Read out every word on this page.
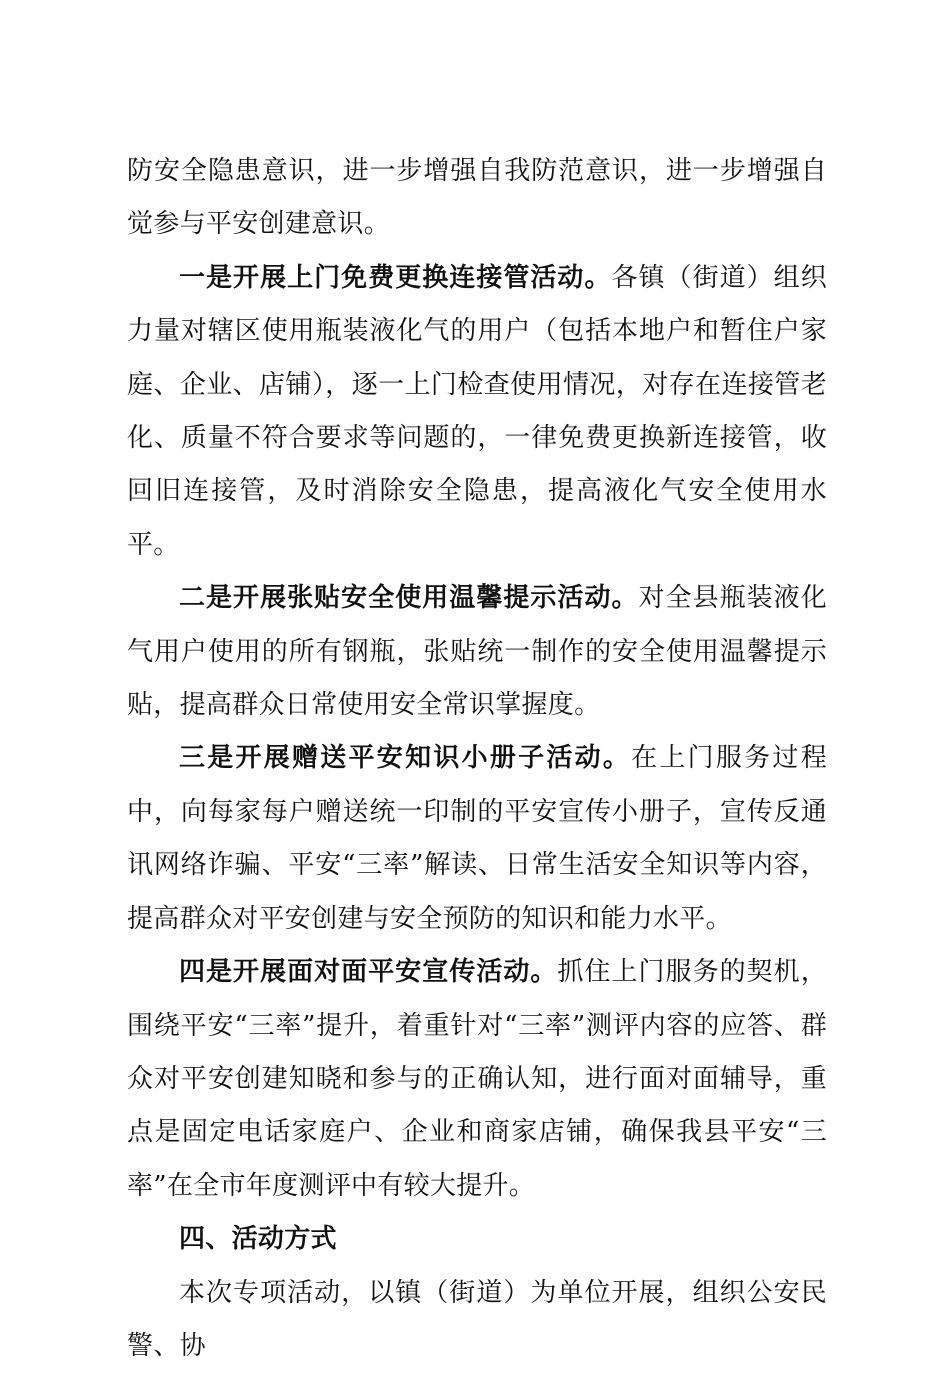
防安全隐患意识，进一步增强自我防范意识，进一步增强自觉参与平安创建意识。

一是开展上门免费更换连接管活动。各镇（街道）组织力量对辖区使用瓶装液化气的用户（包括本地户和暂住户家庭、企业、店铺），逐一上门检查使用情况，对存在连接管老化、质量不符合要求等问题的，一律免费更换新连接管，收回旧连接管，及时消除安全隐患，提高液化气安全使用水平。

二是开展张贴安全使用温馨提示活动。对全县瓶装液化气用户使用的所有钢瓶，张贴统一制作的安全使用温馨提示贴，提高群众日常使用安全常识掌握度。

三是开展赠送平安知识小册子活动。在上门服务过程中，向每家每户赠送统一印制的平安宣传小册子，宣传反通讯网络诈骗、平安“三率”解读、日常生活安全知识等内容，提高群众对平安创建与安全预防的知识和能力水平。

四是开展面对面平安宣传活动。抓住上门服务的契机，围绕平安“三率”提升，着重针对“三率”测评内容的应答、群众对平安创建知晓和参与的正确认知，进行面对面辅导，重点是固定电话家庭户、企业和商家店铺，确保我县平安“三率”在全市年度测评中有较大提升。

四、活动方式

本次专项活动，以镇（街道）为单位开展，组织公安民警、协
